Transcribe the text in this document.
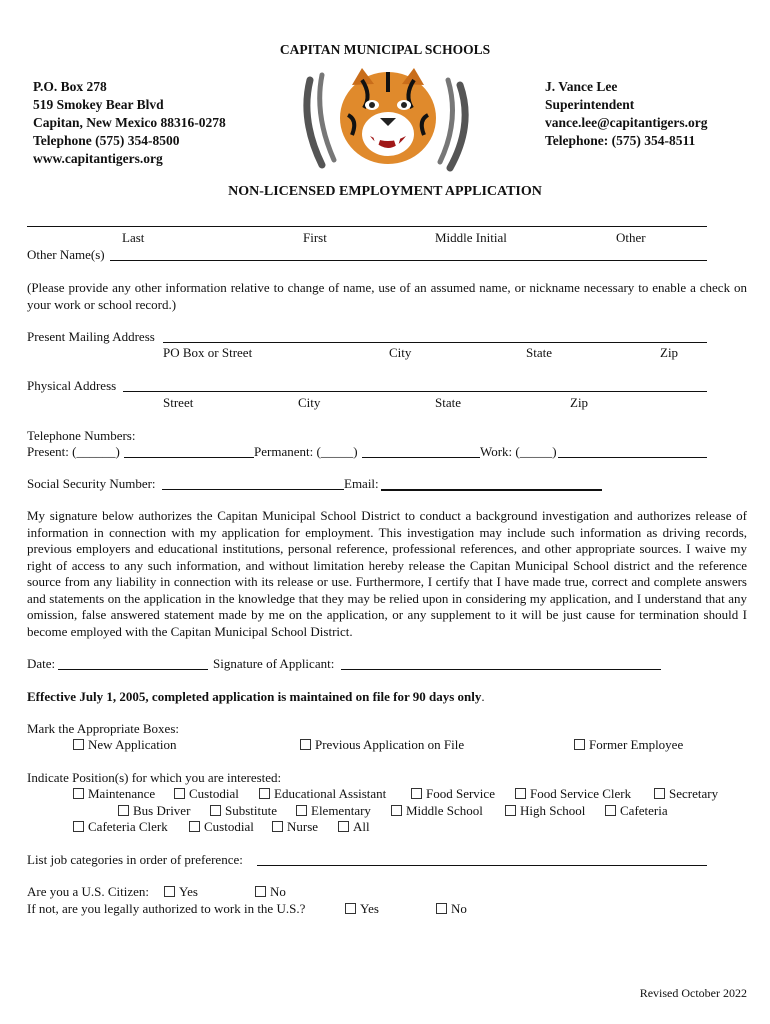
CAPITAN MUNICIPAL SCHOOLS
P.O. Box 278
519 Smokey Bear Blvd
Capitan, New Mexico 88316-0278
Telephone (575) 354-8500
www.capitantigers.org
J. Vance Lee
Superintendent
vance.lee@capitantigers.org
Telephone: (575) 354-8511
NON-LICENSED EMPLOYMENT APPLICATION
Last	First	Middle Initial	Other
Other Name(s)
(Please provide any other information relative to change of name, use of an assumed name, or nickname necessary to enable a check on your work or school record.)
Present Mailing Address
PO Box or Street	City	State	Zip
Physical Address
Street	City	State	Zip
Telephone Numbers:
Present: (______)	Permanent: (_____)	Work: (_____)
Social Security Number:	Email:
My signature below authorizes the Capitan Municipal School District to conduct a background investigation and authorizes release of information in connection with my application for employment. This investigation may include such information as driving records, previous employers and educational institutions, personal reference, professional references, and other appropriate sources. I waive my right of access to any such information, and without limitation hereby release the Capitan Municipal School district and the reference source from any liability in connection with its release or use. Furthermore, I certify that I have made true, correct and complete answers and statements on the application in the knowledge that they may be relied upon in considering my application, and I understand that any omission, false answered statement made by me on the application, or any supplement to it will be just cause for termination should I become employed with the Capitan Municipal School District.
Date:	Signature of Applicant:
Effective July 1, 2005, completed application is maintained on file for 90 days only.
Mark the Appropriate Boxes:
New Application	Previous Application on File	Former Employee
Indicate Position(s) for which you are interested:
Maintenance	Custodial	Educational Assistant	Food Service	Food Service Clerk	Secretary
Bus Driver	Substitute	Elementary	Middle School	High School	Cafeteria
Cafeteria Clerk	Custodial	Nurse	All
List job categories in order of preference:
Are you a U.S. Citizen:	Yes	No
If not, are you legally authorized to work in the U.S.?	Yes	No
Revised October 2022
